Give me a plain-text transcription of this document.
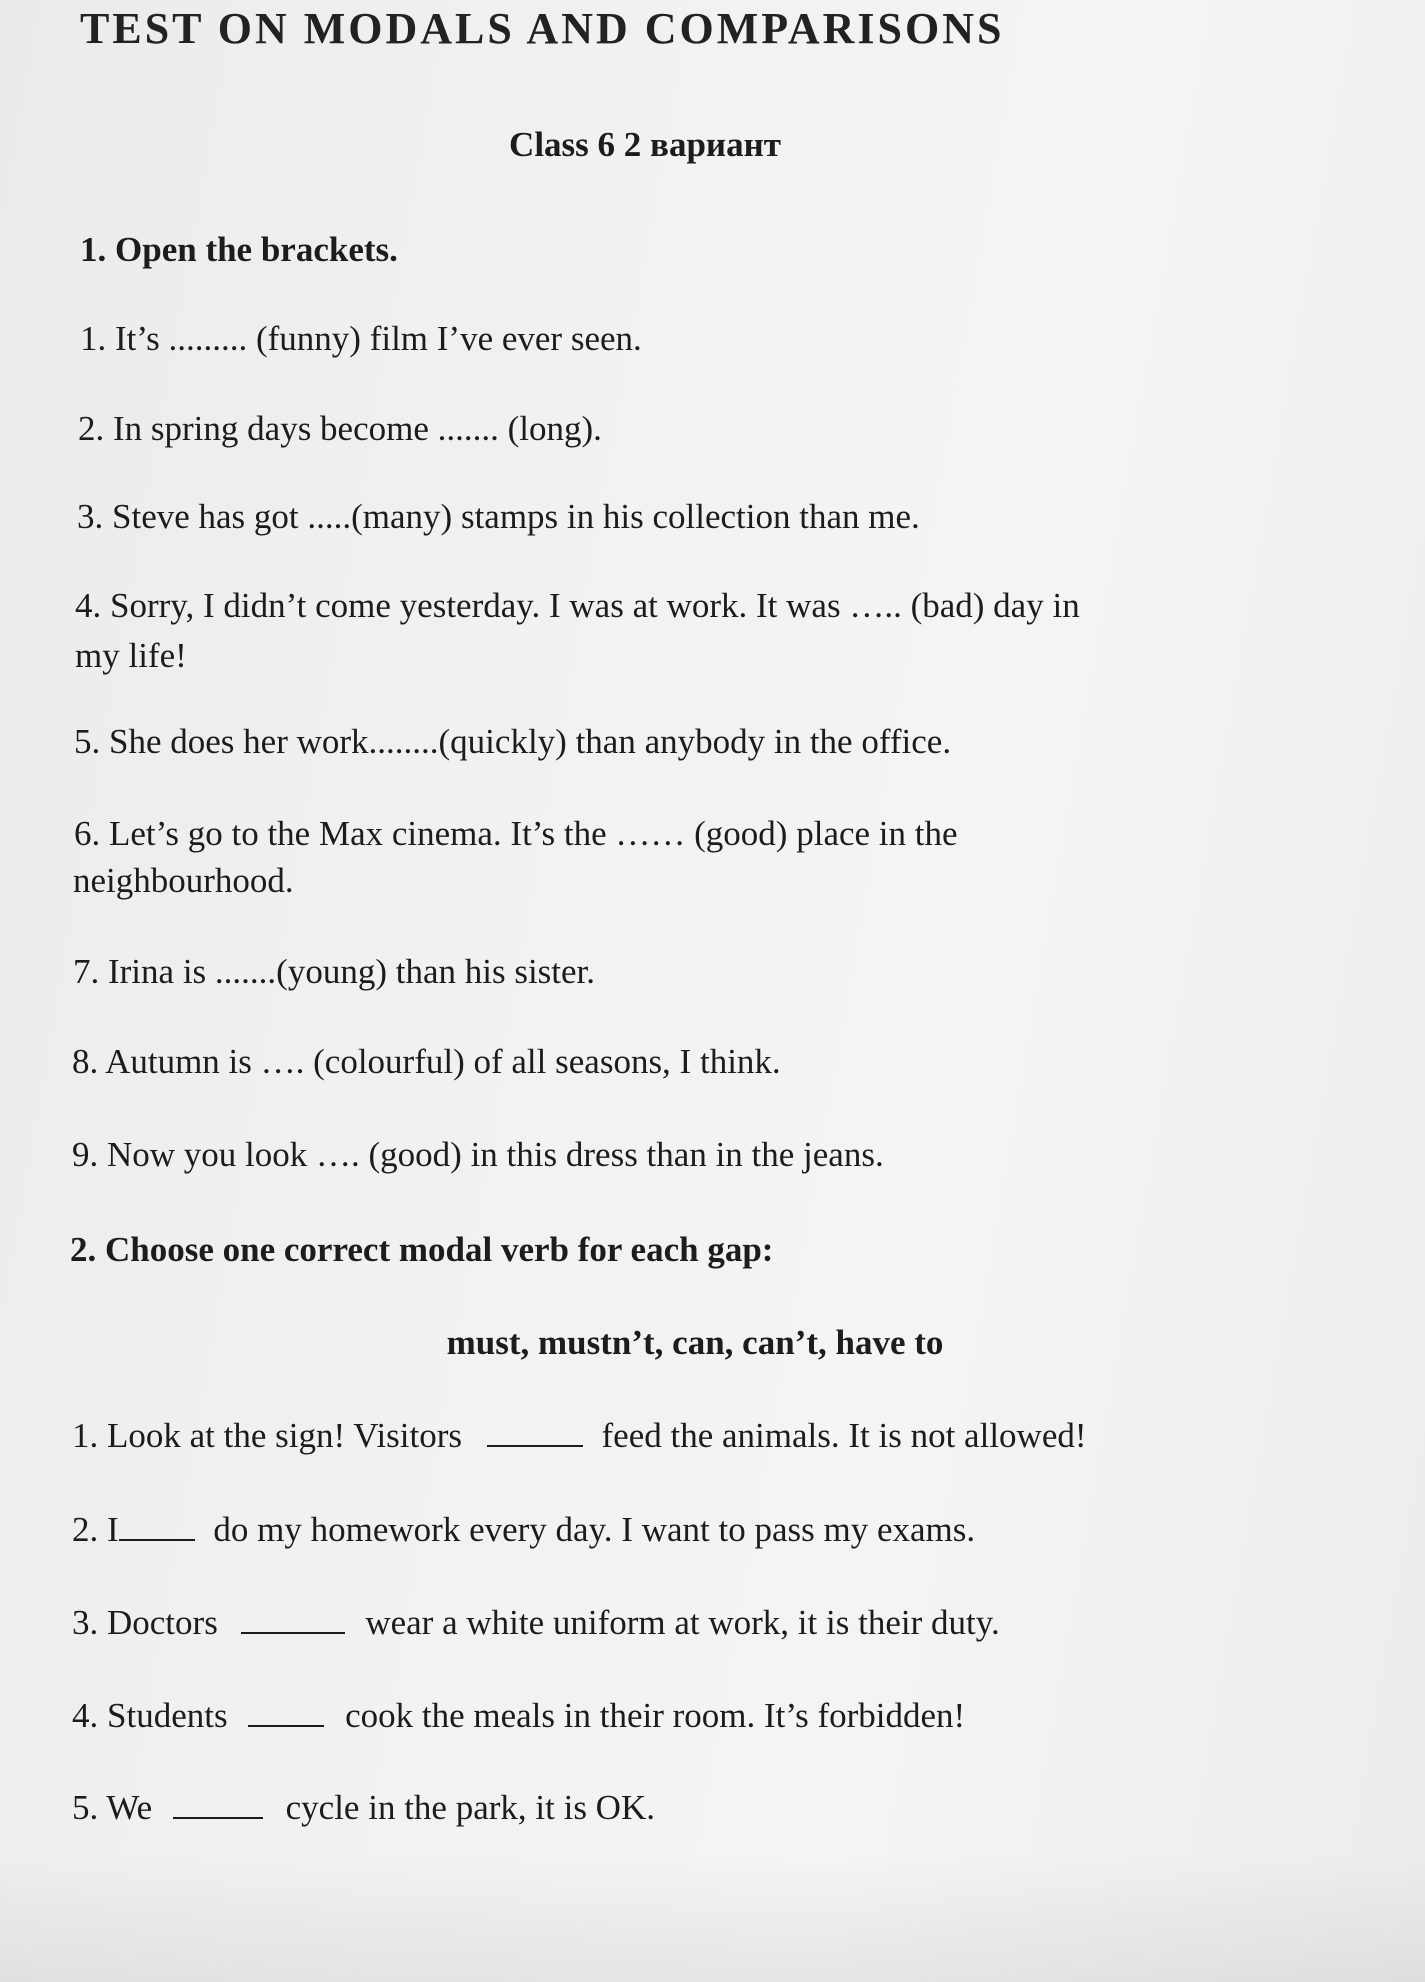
TEST ON MODALS AND COMPARISONS
Class 6 2 вариант
1. Open the brackets.
1. It’s ......... (funny) film I’ve ever seen.
2. In spring days become ....... (long).
3. Steve has got .....(many) stamps in his collection than me.
4. Sorry, I didn’t come yesterday. I was at work. It was ….. (bad) day in
my life!
5. She does her work........(quickly) than anybody in the office.
6. Let’s go to the Max cinema. It’s the …… (good) place in the
neighbourhood.
7. Irina is .......(young) than his sister.
8. Autumn is …. (colourful) of all seasons, I think.
9. Now you look …. (good) in this dress than in the jeans.
2. Choose one correct modal verb for each gap:
must, mustn’t, can, can’t, have to
1. Look at the sign! Visitors	feed the animals. It is not allowed!
2. I	do my homework every day. I want to pass my exams.
3. Doctors	wear a white uniform at work, it is their duty.
4. Students	cook the meals in their room. It’s forbidden!
5. We	cycle in the park, it is OK.
